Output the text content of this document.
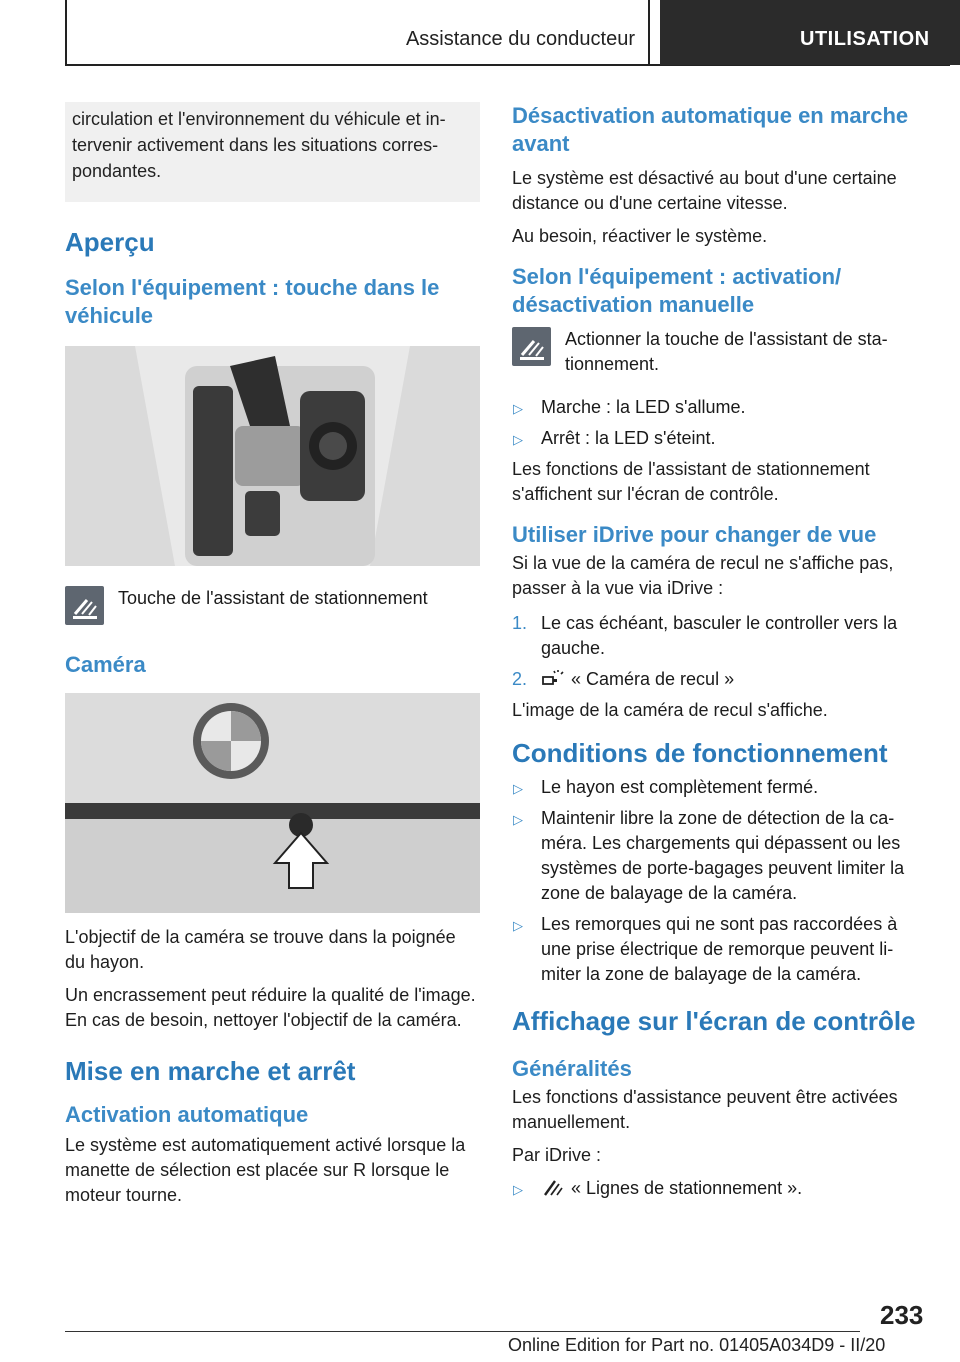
Assistance du conducteur	UTILISATION
circulation et l'environnement du véhicule et in-tervenir activement dans les situations corres-pondantes.
Aperçu
Selon l'équipement : touche dans le véhicule
Touche de l'assistant de stationnement
Caméra

L'objectif de la caméra se trouve dans la poignée du hayon.

Un encrassement peut réduire la qualité de l'image. En cas de besoin, nettoyer l'objectif de la caméra.

Mise en marche et arrêt
Activation automatique

Le système est automatiquement activé lorsque la manette de sélection est placée sur R lorsque le moteur tourne.

Désactivation automatique en marche avant

Le système est désactivé au bout d'une certaine distance ou d'une certaine vitesse.

Au besoin, réactiver le système.

Selon l'équipement : activation/ désactivation manuelle
Actionner la touche de l'assistant de sta-tionnement.
▷ Marche : la LED s'allume.
▷ Arrêt : la LED s'éteint.

Les fonctions de l'assistant de stationnement s'affichent sur l'écran de contrôle.

Utiliser iDrive pour changer de vue

Si la vue de la caméra de recul ne s'affiche pas, passer à la vue via iDrive :

1. Le cas échéant, basculer le controller vers la gauche.
2. « Caméra de recul »

L'image de la caméra de recul s'affiche.

Conditions de fonctionnement
▷ Le hayon est complètement fermé.
▷ Maintenir libre la zone de détection de la ca-méra. Les chargements qui dépassent ou les systèmes de porte-bagages peuvent limiter la zone de balayage de la caméra.
▷ Les remorques qui ne sont pas raccordées à une prise électrique de remorque peuvent li-miter la zone de balayage de la caméra.
Affichage sur l'écran de contrôle
Généralités

Les fonctions d'assistance peuvent être activées manuellement.

Par iDrive :

▷	« Lignes de stationnement ».
233
Online Edition for Part no. 01405A034D9 - II/20
